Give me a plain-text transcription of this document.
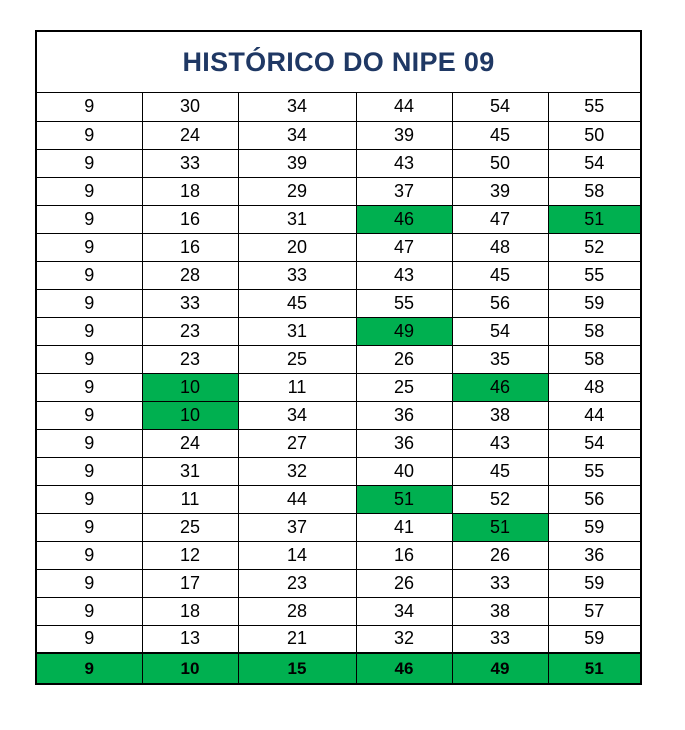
HISTÓRICO DO NIPE 09
9	30	34	44	54	55
9	24	34	39	45	50
9	33	39	43	50	54
9	18	29	37	39	58
9	16	31	46	47	51
9	16	20	47	48	52
9	28	33	43	45	55
9	33	45	55	56	59
9	23	31	49	54	58
9	23	25	26	35	58
9	10	11	25	46	48
9	10	34	36	38	44
9	24	27	36	43	54
9	31	32	40	45	55
9	11	44	51	52	56
9	25	37	41	51	59
9	12	14	16	26	36
9	17	23	26	33	59
9	18	28	34	38	57
9	13	21	32	33	59
9	10	15	46	49	51
